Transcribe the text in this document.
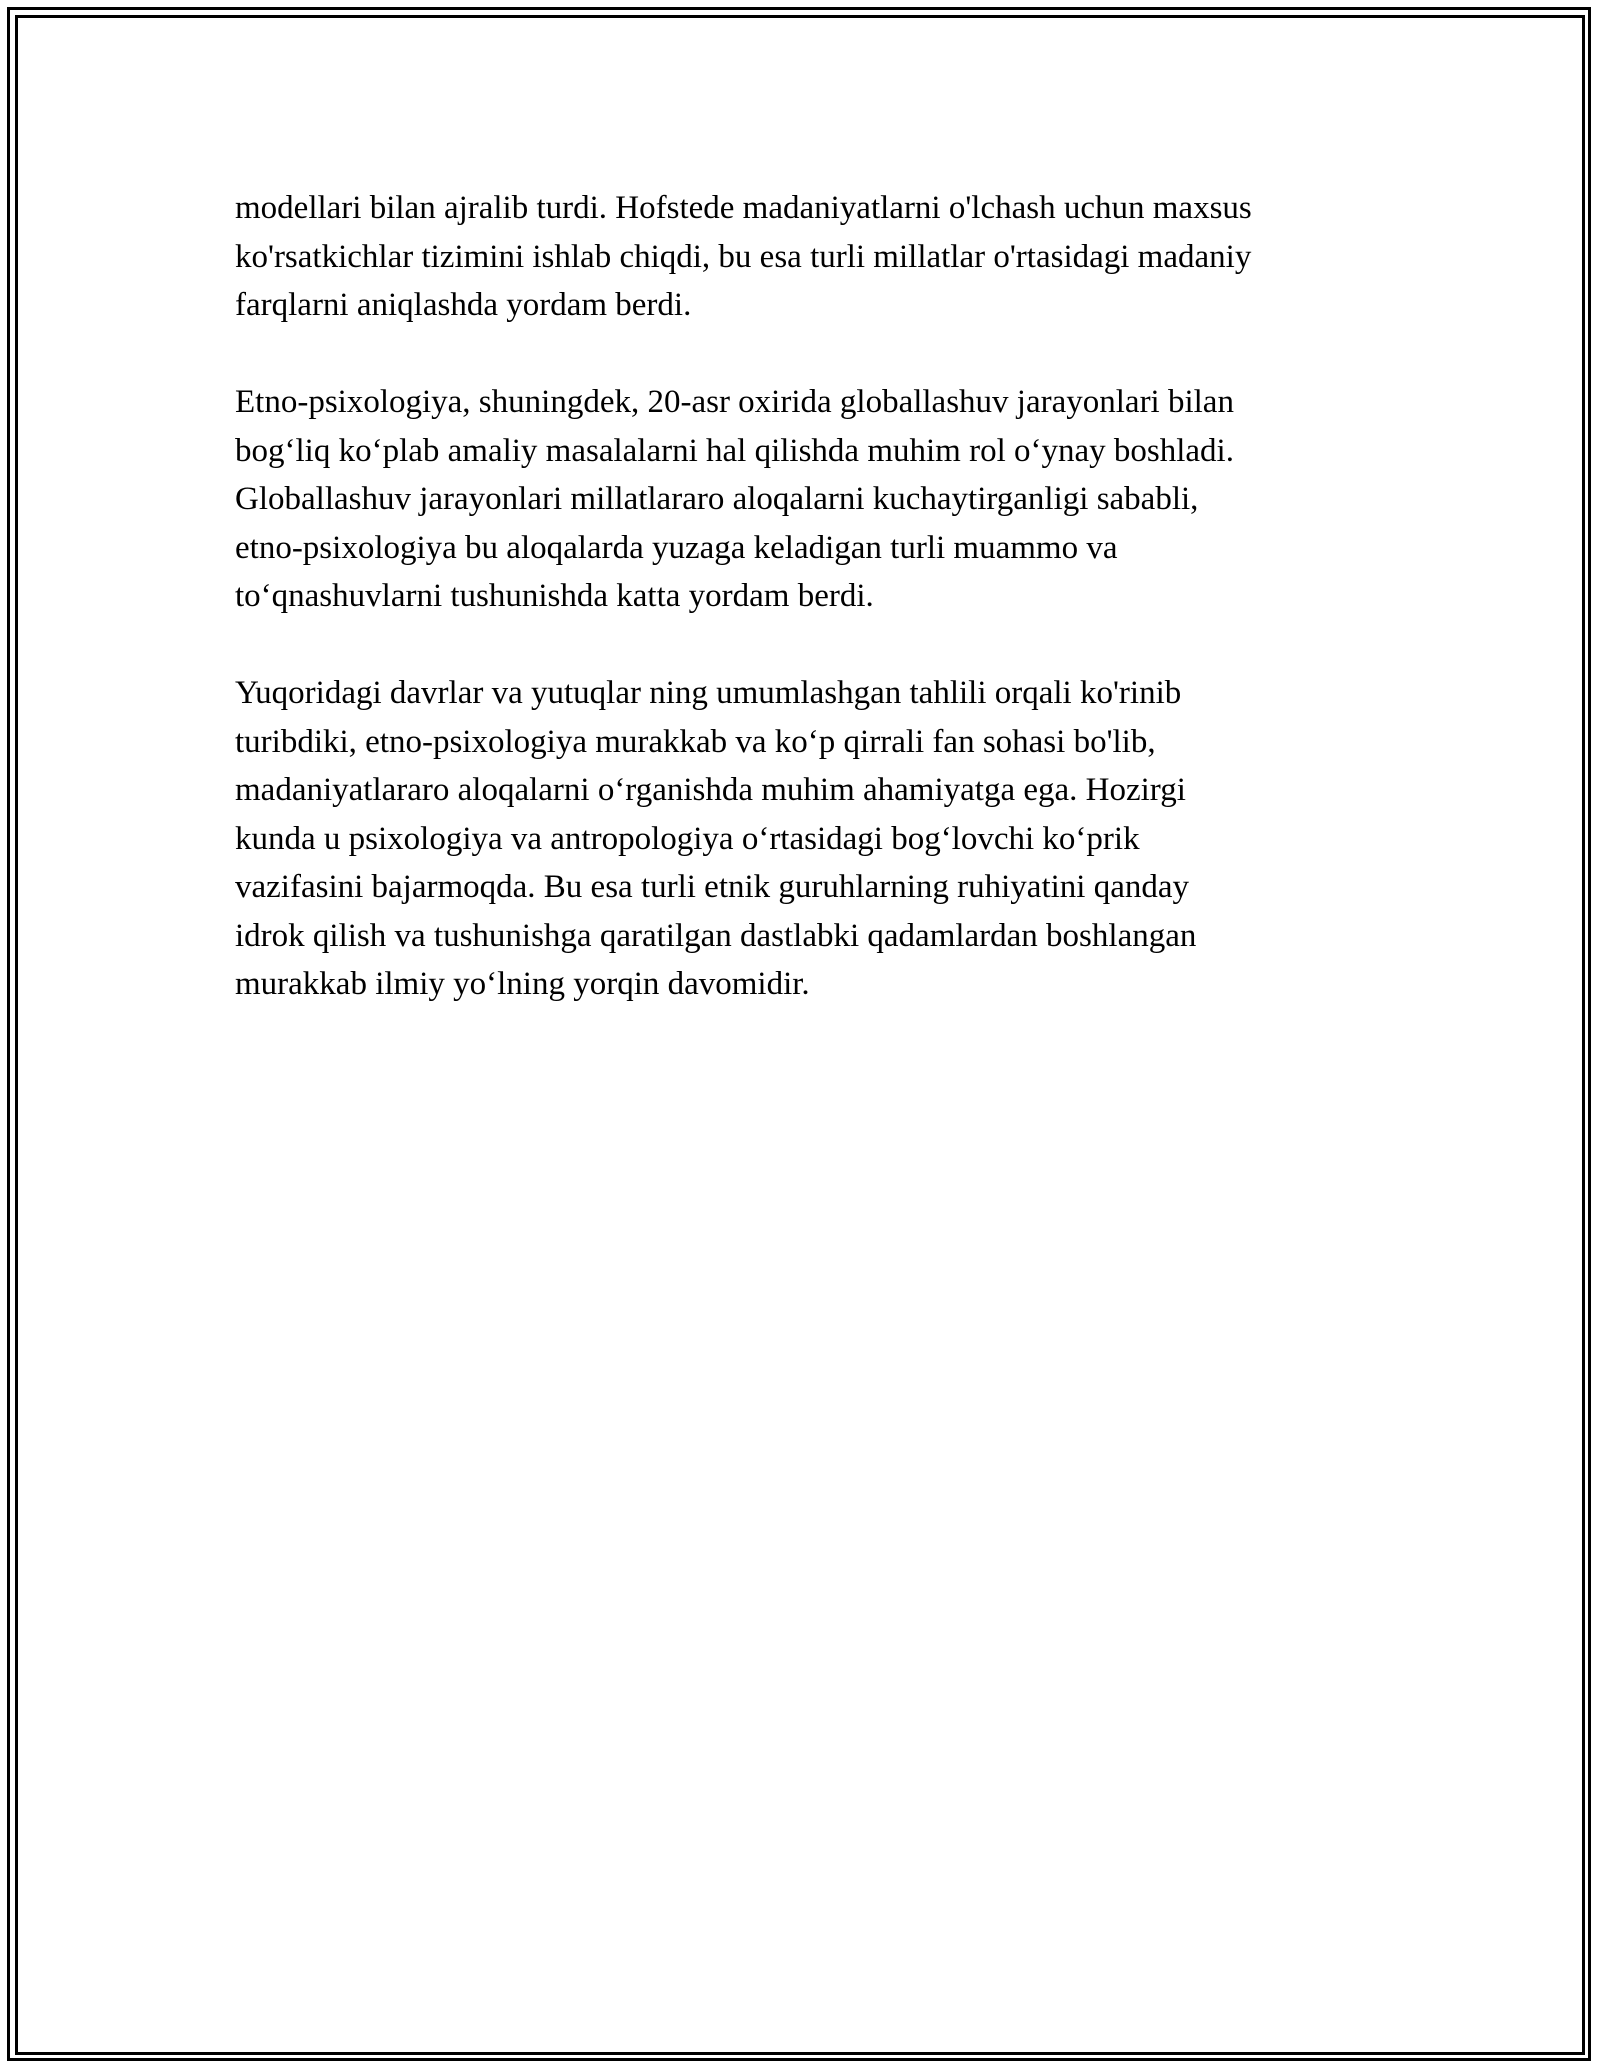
modellari bilan ajralib turdi. Hofstede madaniyatlarni o'lchash uchun maxsus
ko'rsatkichlar tizimini ishlab chiqdi, bu esa turli millatlar o'rtasidagi madaniy
farqlarni aniqlashda yordam berdi.

Etno-psixologiya, shuningdek, 20-asr oxirida globallashuv jarayonlari bilan
bog‘liq ko‘plab amaliy masalalarni hal qilishda muhim rol o‘ynay boshladi.
Globallashuv jarayonlari millatlararo aloqalarni kuchaytirganligi sababli,
etno-psixologiya bu aloqalarda yuzaga keladigan turli muammo va
to‘qnashuvlarni tushunishda katta yordam berdi.

Yuqoridagi davrlar va yutuqlar ning umumlashgan tahlili orqali ko'rinib
turibdiki, etno-psixologiya murakkab va ko‘p qirrali fan sohasi bo'lib,
madaniyatlararo aloqalarni o‘rganishda muhim ahamiyatga ega. Hozirgi
kunda u psixologiya va antropologiya o‘rtasidagi bog‘lovchi ko‘prik
vazifasini bajarmoqda. Bu esa turli etnik guruhlarning ruhiyatini qanday
idrok qilish va tushunishga qaratilgan dastlabki qadamlardan boshlangan
murakkab ilmiy yo‘lning yorqin davomidir.
